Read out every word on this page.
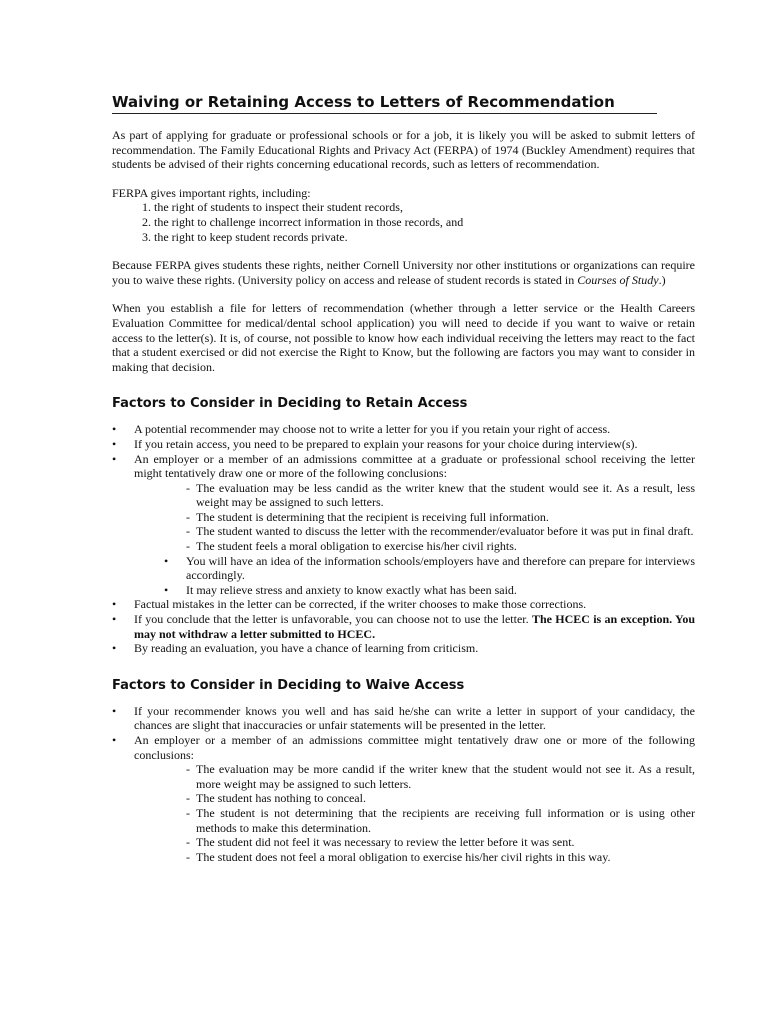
Waiving or Retaining Access to Letters of Recommendation

As part of applying for graduate or professional schools or for a job, it is likely you will be asked to submit letters of recommendation. The Family Educational Rights and Privacy Act (FERPA) of 1974 (Buckley Amendment) requires that students be advised of their rights concerning educational records, such as letters of recommendation.

FERPA gives important rights, including:

1. the right of students to inspect their student records,
2. the right to challenge incorrect information in those records, and
3. the right to keep student records private.

Because FERPA gives students these rights, neither Cornell University nor other institutions or organizations can require you to waive these rights. (University policy on access and release of student records is stated in Courses of Study.)

When you establish a file for letters of recommendation (whether through a letter service or the Health Careers Evaluation Committee for medical/dental school application) you will need to decide if you want to waive or retain access to the letter(s). It is, of course, not possible to know how each individual receiving the letters may react to the fact that a student exercised or did not exercise the Right to Know, but the following are factors you may want to consider in making that decision.

Factors to Consider in Deciding to Retain Access
• A potential recommender may choose not to write a letter for you if you retain your right of access.
• If you retain access, you need to be prepared to explain your reasons for your choice during interview(s).
• An employer or a member of an admissions committee at a graduate or professional school receiving the letter might tentatively draw one or more of the following conclusions:
- The evaluation may be less candid as the writer knew that the student would see it. As a result, less weight may be assigned to such letters.
- The student is determining that the recipient is receiving full information.
- The student wanted to discuss the letter with the recommender/evaluator before it was put in final draft.
- The student feels a moral obligation to exercise his/her civil rights.
• You will have an idea of the information schools/employers have and therefore can prepare for interviews accordingly.
• It may relieve stress and anxiety to know exactly what has been said.
• Factual mistakes in the letter can be corrected, if the writer chooses to make those corrections.
• If you conclude that the letter is unfavorable, you can choose not to use the letter. The HCEC is an exception. You may not withdraw a letter submitted to HCEC.
• By reading an evaluation, you have a chance of learning from criticism.
Factors to Consider in Deciding to Waive Access
• If your recommender knows you well and has said he/she can write a letter in support of your candidacy, the chances are slight that inaccuracies or unfair statements will be presented in the letter.
• An employer or a member of an admissions committee might tentatively draw one or more of the following conclusions:
- The evaluation may be more candid if the writer knew that the student would not see it. As a result, more weight may be assigned to such letters.
- The student has nothing to conceal.
- The student is not determining that the recipients are receiving full information or is using other methods to make this determination.
- The student did not feel it was necessary to review the letter before it was sent.
- The student does not feel a moral obligation to exercise his/her civil rights in this way.
